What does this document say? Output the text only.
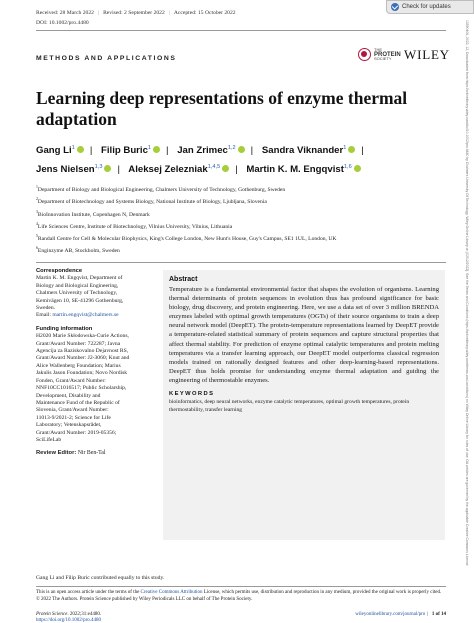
Check for updates
13590406, 2022, 12, Downloaded from https://onlinelibrary.wiley.com/doi/10.1002/pro.4480 by Chalmers University Of Technology, Wiley Online Library on [02/12/2022]. See the Terms and Conditions (https://onlinelibrary.wiley.com/terms-and-conditions) on Wiley Online Library for rules of use; OA articles are governed by the applicable Creative Commons License
Received: 28 March 2022 | Revised: 2 September 2022 | Accepted: 15 October 2022
DOI: 10.1002/pro.4480
METHODS AND APPLICATIONS
THE
PROTEIN
SOCIETY WILEY
Learning deep representations of enzyme thermal adaptation
Gang Li$^1$ | Filip Buric$^1$ | Jan Zrimec$^{1,2}$ | Sandra Viknander$^1$ |
Jens Nielsen$^{1,3}$ | Aleksej Zelezniak$^{1,4,5}$ | Martin K. M. Engqvist$^{1,6}$
$^1$Department of Biology and Biological Engineering, Chalmers University of Technology, Gothenburg, Sweden
$^2$Department of Biotechnology and Systems Biology, National Institute of Biology, Ljubljana, Slovenia
$^3$BioInnovation Institute, Copenhagen N, Denmark
$^4$Life Sciences Centre, Institute of Biotechnology, Vilnius University, Vilnius, Lithuania
$^5$Randall Centre for Cell & Molecular Biophysics, King's College London, New Hunt's House, Guy's Campus, SE1 1UL, London, UK
$^6$Enginzyme AB, Stockholm, Sweden
Correspondence
Martin K. M. Engqvist, Department of
Biology and Biological Engineering,
Chalmers University of Technology,
Kemivägen 10, SE-41296 Gothenburg,
Sweden.
Email: martin.engqvist@chalmers.se
Funding information
H2020 Marie Skłodowska-Curie Actions,
Grant/Award Number: 722287; Javna
Agencija za Raziskovalno Dejavnost RS,
Grant/Award Number: J2-3060; Knut and
Alice Wallenberg Foundation; Marius
Jakulis Jason Foundation; Novo Nordisk
Fonden, Grant/Award Number:
NNF10CC1016517; Public Scholarship,
Development, Disability and
Maintenance Fund of the Republic of
Slovenia, Grant/Award Number:
11013-9/2021-2; Science for Life
Laboratory; Vetenskapsrådet,
Grant/Award Number: 2019-05356;
SciLifeLab
Review Editor: Nir Ben-Tal
Abstract

Temperature is a fundamental environmental factor that shapes the evolution of organisms. Learning thermal determinants of protein sequences in evolution thus has profound significance for basic biology, drug discovery, and protein engineering. Here, we use a data set of over 3 million BRENDA enzymes labeled with optimal growth temperatures (OGTs) of their source organisms to train a deep neural network model (DeepET). The protein-temperature representations learned by DeepET provide a temperature-related statistical summary of protein sequences and capture structural properties that affect thermal stability. For prediction of enzyme optimal catalytic temperatures and protein melting temperatures via a transfer learning approach, our DeepET model outperforms classical regression models trained on rationally designed features and other deep-learning-based representations. DeepET thus holds promise for understanding enzyme thermal adaptation and guiding the engineering of thermostable enzymes.

KEYWORDS
bioinformatics, deep neural networks, enzyme catalytic temperatures, optimal growth temperatures, protein thermostability, transfer learning
Gang Li and Filip Buric contributed equally to this study.
This is an open access article under the terms of the Creative Commons Attribution License, which permits use, distribution and reproduction in any medium, provided the original work is properly cited.
© 2022 The Authors. Protein Science published by Wiley Periodicals LLC on behalf of The Protein Society.
Protein Science. 2022;31:e4480.
https://doi.org/10.1002/pro.4480
wileyonlinelibrary.com/journal/pro | 1 of 14
